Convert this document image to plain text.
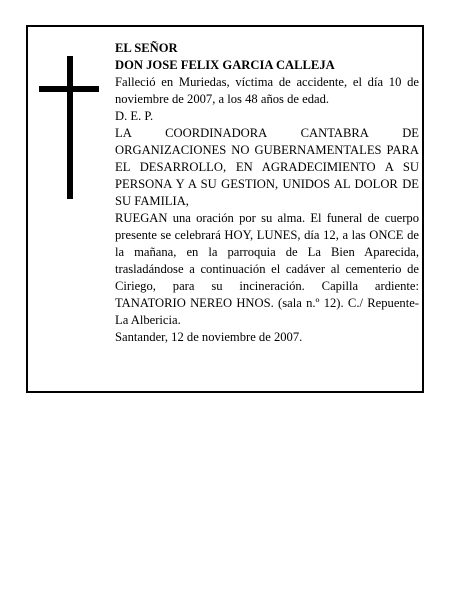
EL SEÑOR
DON JOSE FELIX GARCIA CALLEJA
Falleció en Muriedas, víctima de accidente, el día 10 de noviembre de 2007, a los 48 años de edad.
D. E. P.
LA COORDINADORA CANTABRA DE ORGANIZACIONES NO GUBERNAMENTALES PARA EL DESARROLLO, EN AGRADECIMIENTO A SU PERSONA Y A SU GESTION, UNIDOS AL DOLOR DE SU FAMILIA,
RUEGAN una oración por su alma. El funeral de cuerpo presente se celebrará HOY, LUNES, día 12, a las ONCE de la mañana, en la parroquia de La Bien Aparecida, trasladándose a continuación el cadáver al cementerio de Ciriego, para su incineración. Capilla ardiente: TANATORIO NEREO HNOS. (sala n.º 12). C./ Repuente-La Albericia.
Santander, 12 de noviembre de 2007.
